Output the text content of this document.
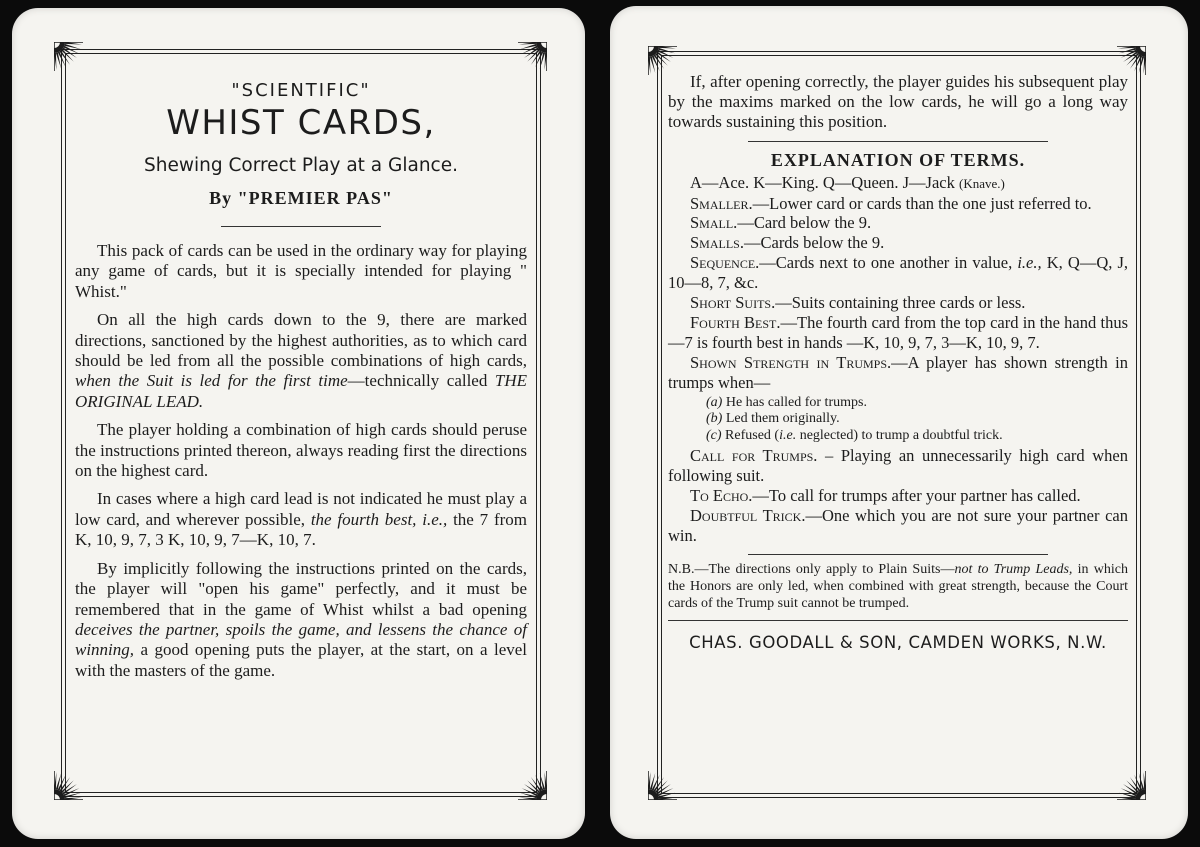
"SCIENTIFIC"
WHIST CARDS,
Shewing Correct Play at a Glance.
By "PREMIER PAS"

This pack of cards can be used in the ordinary way for playing any game of cards, but it is specially intended for playing " Whist."

On all the high cards down to the 9, there are marked directions, sanctioned by the highest authorities, as to which card should be led from all the possible combinations of high cards, when the Suit is led for the first time—technically called THE ORIGINAL LEAD.

The player holding a combination of high cards should peruse the instructions printed thereon, always reading first the directions on the highest card.

In cases where a high card lead is not indicated he must play a low card, and wherever possible, the fourth best, i.e., the 7 from K, 10, 9, 7, 3 K, 10, 9, 7—K, 10, 7.

By implicitly following the instructions printed on the cards, the player will "open his game" perfectly, and it must be remembered that in the game of Whist whilst a bad opening deceives the partner, spoils the game, and lessens the chance of winning, a good opening puts the player, at the start, on a level with the masters of the game.

If, after opening correctly, the player guides his subsequent play by the maxims marked on the low cards, he will go a long way towards sustaining this position.

EXPLANATION OF TERMS.

A—Ace. K—King. Q—Queen. J—Jack (Knave.)

Smaller.—Lower card or cards than the one just referred to.

Small.—Card below the 9.

Smalls.—Cards below the 9.

Sequence.—Cards next to one another in value, i.e., K, Q—Q, J, 10—8, 7, &c.

Short Suits.—Suits containing three cards or less.

Fourth Best.—The fourth card from the top card in the hand thus—7 is fourth best in hands —K, 10, 9, 7, 3—K, 10, 9, 7.

Shown Strength in Trumps.—A player has shown strength in trumps when—

(a) He has called for trumps.
(b) Led them originally.
(c) Refused (i.e. neglected) to trump a doubtful trick.

Call for Trumps. – Playing an unnecessarily high card when following suit.

To Echo.—To call for trumps after your partner has called.

Doubtful Trick.—One which you are not sure your partner can win.

N.B.—The directions only apply to Plain Suits—not to Trump Leads, in which the Honors are only led, when combined with great strength, because the Court cards of the Trump suit cannot be trumped.

CHAS. GOODALL & SON, CAMDEN WORKS, N.W.
